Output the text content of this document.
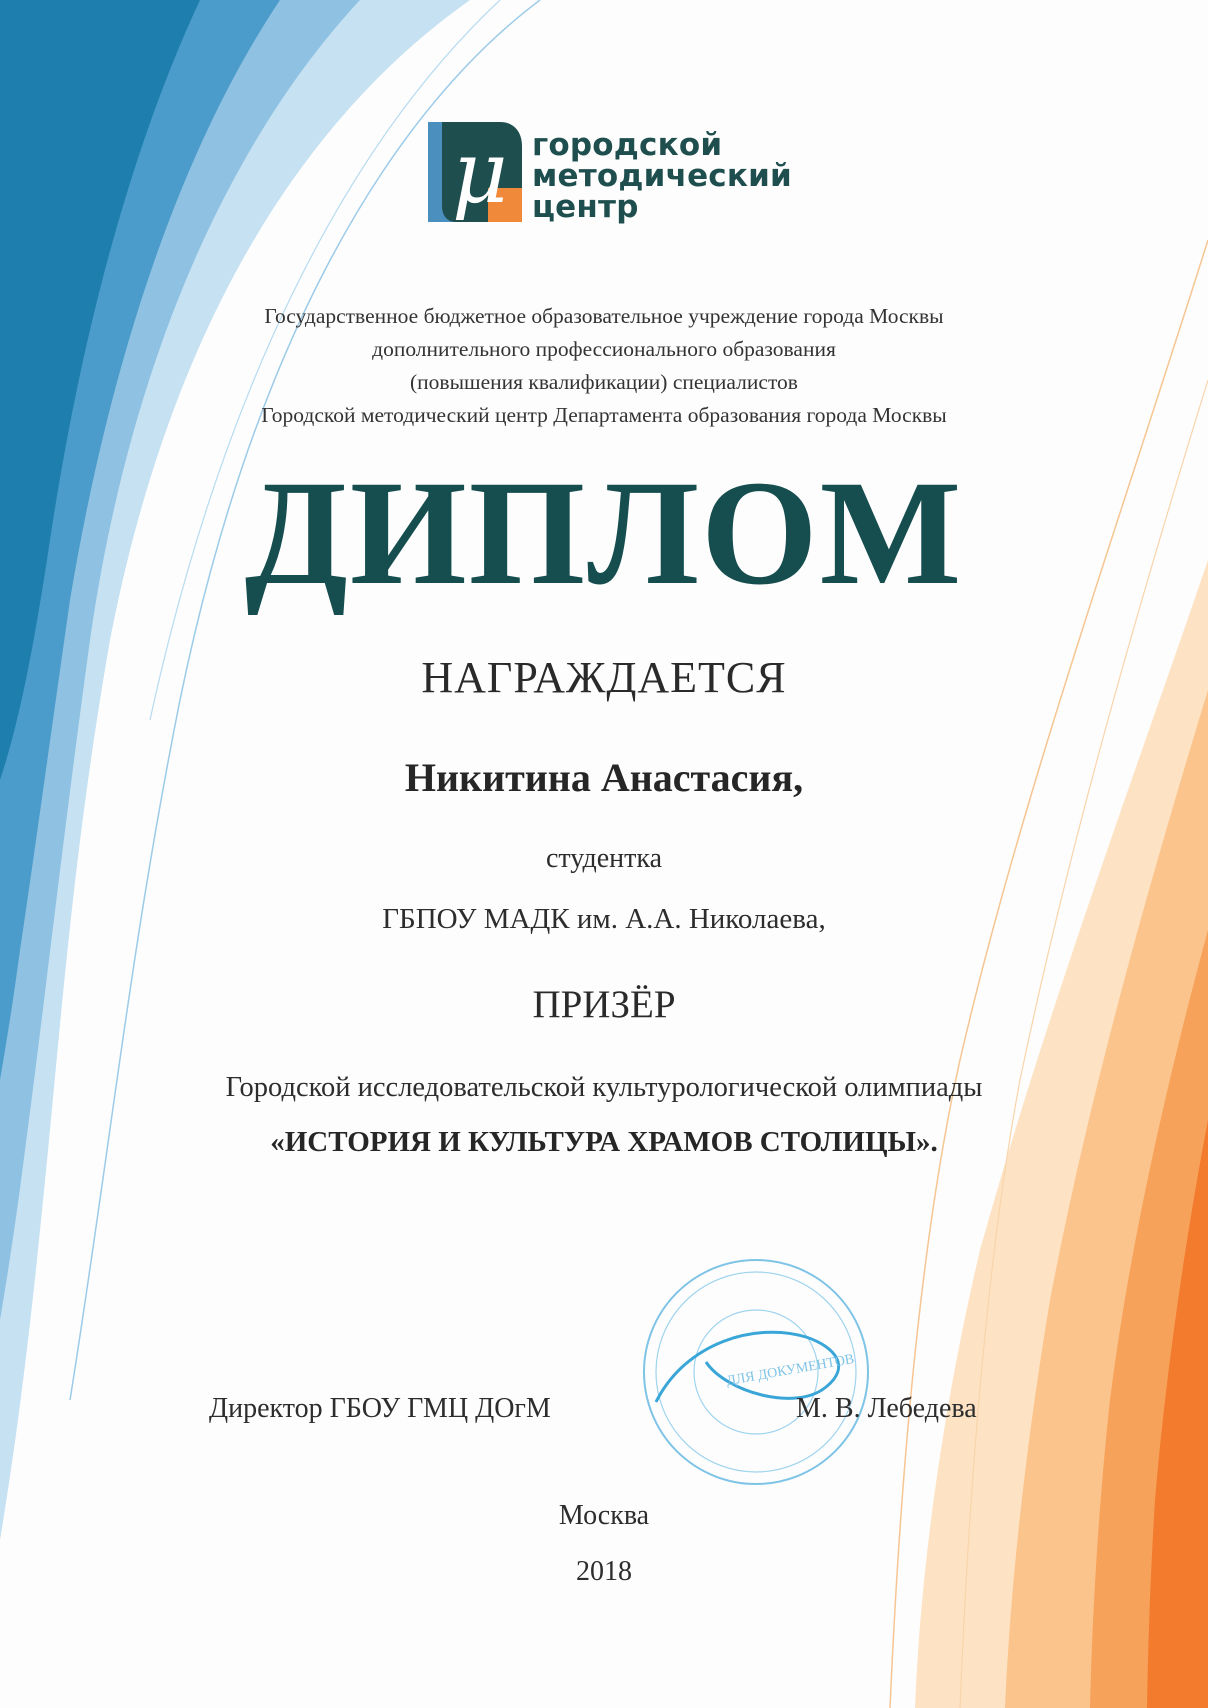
μ городской
методический
центр
Государственное бюджетное образовательное учреждение города Москвы
дополнительного профессионального образования
(повышения квалификации) специалистов
Городской методический центр Департамента образования города Москвы
ДИПЛОМ
НАГРАЖДАЕТСЯ
Никитина Анастасия,
студентка
ГБПОУ МАДК им. А.А. Николаева,
ПРИЗЁР
Городской исследовательской культурологической олимпиады
«ИСТОРИЯ И КУЛЬТУРА ХРАМОВ СТОЛИЦЫ».
ДЛЯ ДОКУМЕНТОВ
Директор ГБОУ ГМЦ ДОгМ	М. В. Лебедева
Москва
2018
